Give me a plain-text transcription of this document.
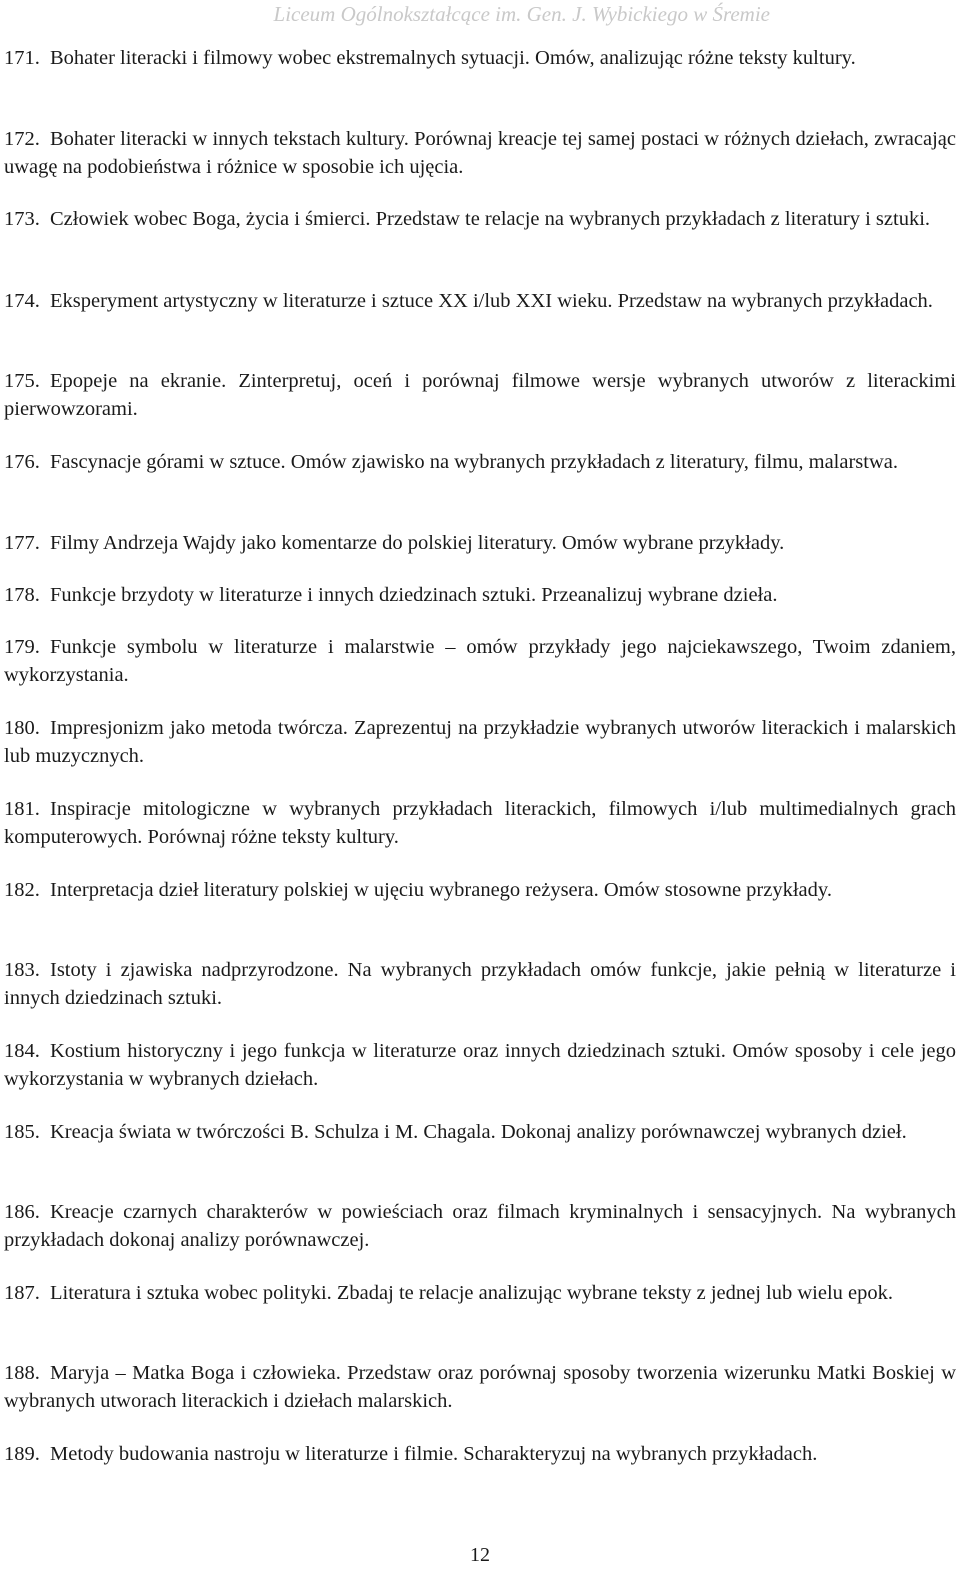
Liceum Ogólnokształcące im. Gen. J. Wybickiego w Śremie
171. Bohater literacki i filmowy wobec ekstremalnych sytuacji. Omów, analizując różne teksty kultury.
172. Bohater literacki w innych tekstach kultury. Porównaj kreacje tej samej postaci w różnych dziełach, zwracając uwagę na podobieństwa i różnice w sposobie ich ujęcia.
173. Człowiek wobec Boga, życia i śmierci. Przedstaw te relacje na wybranych przykładach z literatury i sztuki.
174. Eksperyment artystyczny w literaturze i sztuce XX i/lub XXI wieku. Przedstaw na wybranych przykładach.
175. Epopeje na ekranie. Zinterpretuj, oceń i porównaj filmowe wersje wybranych utworów z literackimi pierwowzorami.
176. Fascynacje górami w sztuce. Omów zjawisko na wybranych przykładach z literatury, filmu, malarstwa.
177. Filmy Andrzeja Wajdy jako komentarze do polskiej literatury. Omów wybrane przykłady.
178. Funkcje brzydoty w literaturze i innych dziedzinach sztuki. Przeanalizuj wybrane dzieła.
179. Funkcje symbolu w literaturze i malarstwie – omów przykłady jego najciekawszego, Twoim zdaniem, wykorzystania.
180. Impresjonizm jako metoda twórcza. Zaprezentuj na przykładzie wybranych utworów literackich i malarskich lub muzycznych.
181. Inspiracje mitologiczne w wybranych przykładach literackich, filmowych i/lub multimedialnych grach komputerowych. Porównaj różne teksty kultury.
182. Interpretacja dzieł literatury polskiej w ujęciu wybranego reżysera. Omów stosowne przykłady.
183. Istoty i zjawiska nadprzyrodzone. Na wybranych przykładach omów funkcje, jakie pełnią w literaturze i innych dziedzinach sztuki.
184. Kostium historyczny i jego funkcja w literaturze oraz innych dziedzinach sztuki. Omów sposoby i cele jego wykorzystania w wybranych dziełach.
185. Kreacja świata w twórczości B. Schulza i M. Chagala. Dokonaj analizy porównawczej wybranych dzieł.
186. Kreacje czarnych charakterów w powieściach oraz filmach kryminalnych i sensacyjnych. Na wybranych przykładach dokonaj analizy porównawczej.
187. Literatura i sztuka wobec polityki. Zbadaj te relacje analizując wybrane teksty z jednej lub wielu epok.
188. Maryja – Matka Boga i człowieka. Przedstaw oraz porównaj sposoby tworzenia wizerunku Matki Boskiej w wybranych utworach literackich i dziełach malarskich.
189. Metody budowania nastroju w literaturze i filmie. Scharakteryzuj na wybranych przykładach.
12
